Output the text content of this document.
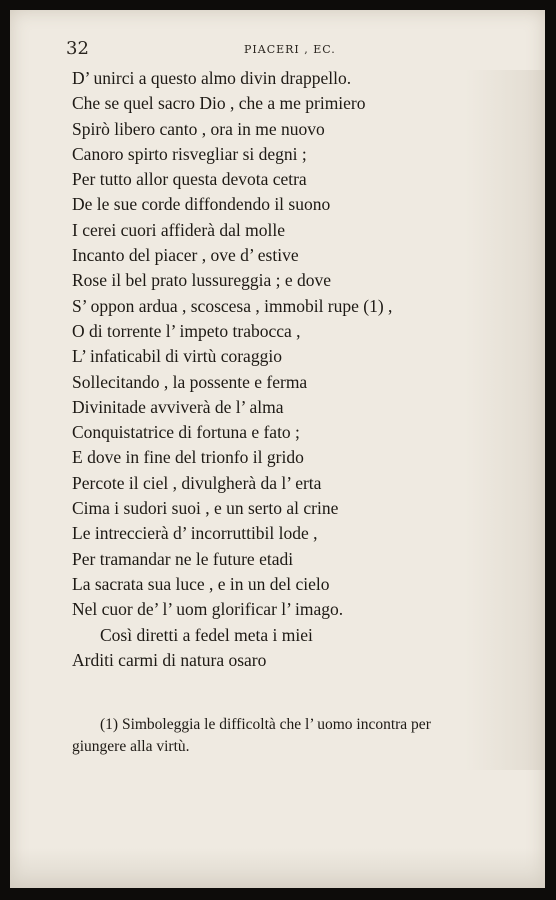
32	PIACERI , EC.
D’ unirci a questo almo divin drappello.
Che se quel sacro Dio , che a me primiero
Spirò libero canto , ora in me nuovo
Canoro spirto risvegliar si degni ;
Per tutto allor questa devota cetra
De le sue corde diffondendo il suono
I cerei cuori affiderà dal molle
Incanto del piacer , ove d’ estive
Rose il bel prato lussureggia ; e dove
S’ oppon ardua , scoscesa , immobil rupe (1) ,
O di torrente l’ impeto trabocca ,
L’ infaticabil di virtù coraggio
Sollecitando , la possente e ferma
Divinitade avviverà de l’ alma
Conquistatrice di fortuna e fato ;
E dove in fine del trionfo il grido
Percote il ciel , divulgherà da l’ erta
Cima i sudori suoi , e un serto al crine
Le intreccierà d’ incorruttibil lode ,
Per tramandar ne le future etadi
La sacrata sua luce , e in un del cielo
Nel cuor de’ l’ uom glorificar l’ imago.
Così diretti a fedel meta i miei
Arditi carmi di natura osaro
(1) Simboleggia le difficoltà che l’ uomo incontra per
giungere alla virtù.
